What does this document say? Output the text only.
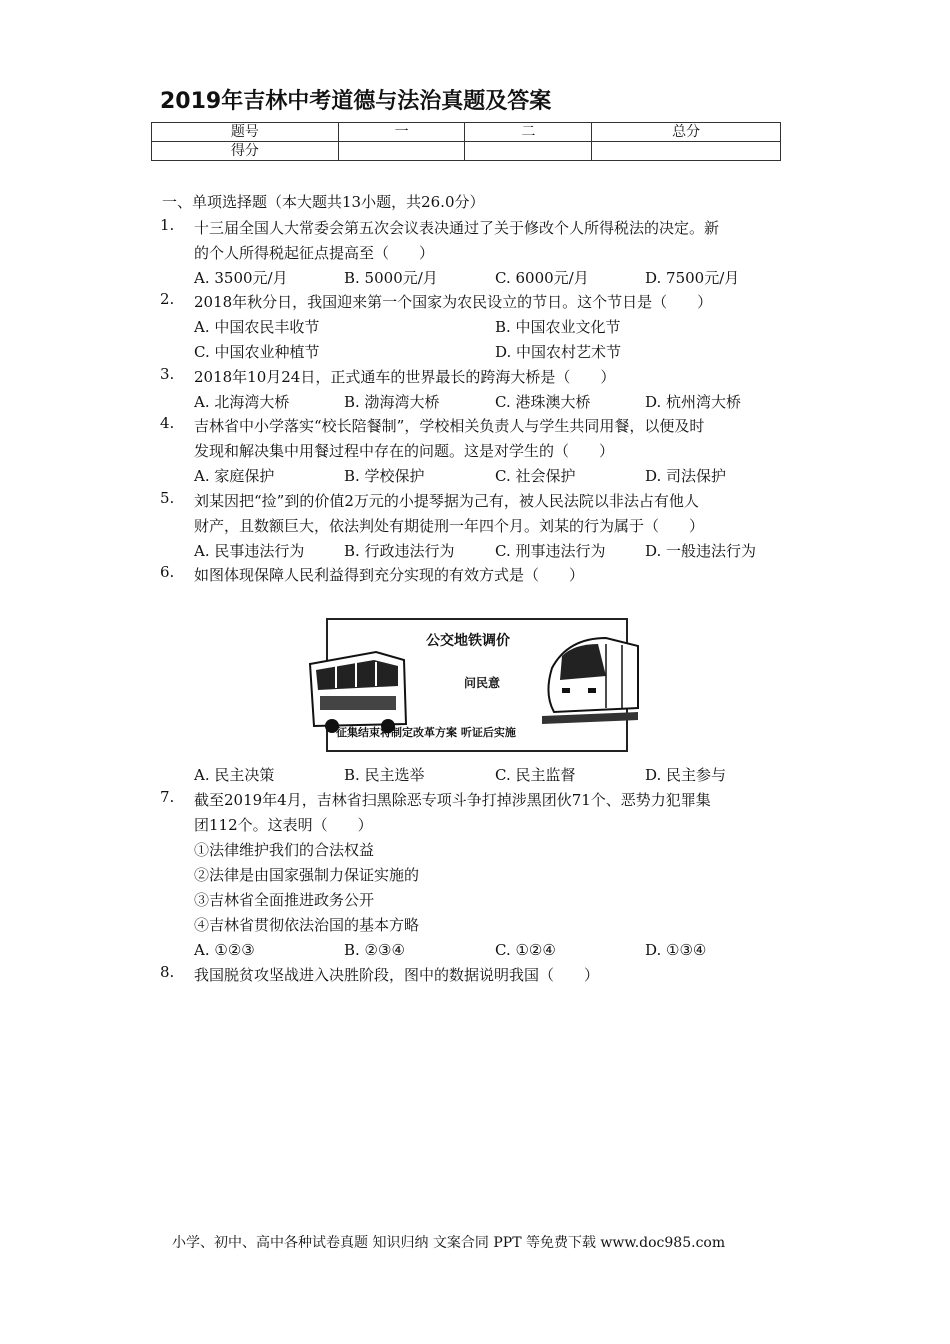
2019年吉林中考道德与法治真题及答案
题号	一	二	总分
得分			
一、单项选择题（本大题共13小题，共26.0分）
1.	十三届全国人大常委会第五次会议表决通过了关于修改个人所得税法的决定。新
的个人所得税起征点提高至（　　）
A. 3500元/月	B. 5000元/月	C. 6000元/月	D. 7500元/月
2.	2018年秋分日，我国迎来第一个国家为农民设立的节日。这个节日是（　　）
A. 中国农民丰收节	B. 中国农业文化节
C. 中国农业种植节	D. 中国农村艺术节
3.	2018年10月24日，正式通车的世界最长的跨海大桥是（　　）
A. 北海湾大桥	B. 渤海湾大桥	C. 港珠澳大桥	D. 杭州湾大桥
4.	吉林省中小学落实“校长陪餐制”，学校相关负责人与学生共同用餐，以便及时
发现和解决集中用餐过程中存在的问题。这是对学生的（　　）
A. 家庭保护	B. 学校保护	C. 社会保护	D. 司法保护
5.	刘某因把“捡”到的价值2万元的小提琴据为己有，被人民法院以非法占有他人
财产，且数额巨大，依法判处有期徒刑一年四个月。刘某的行为属于（　　）
A. 民事违法行为	B. 行政违法行为	C. 刑事违法行为	D. 一般违法行为
6.	如图体现保障人民利益得到充分实现的有效方式是（　　）
公交地铁调价
问民意
征集结束将制定改革方案 听证后实施
A. 民主决策	B. 民主选举	C. 民主监督	D. 民主参与
7.	截至2019年4月，吉林省扫黑除恶专项斗争打掉涉黑团伙71个、恶势力犯罪集
团112个。这表明（　　）
①法律维护我们的合法权益
②法律是由国家强制力保证实施的
③吉林省全面推进政务公开
④吉林省贯彻依法治国的基本方略
A. ①②③	B. ②③④	C. ①②④	D. ①③④
8.	我国脱贫攻坚战进入决胜阶段，图中的数据说明我国（　　）
小学、初中、高中各种试卷真题 知识归纳 文案合同 PPT 等免费下载 www.doc985.com
